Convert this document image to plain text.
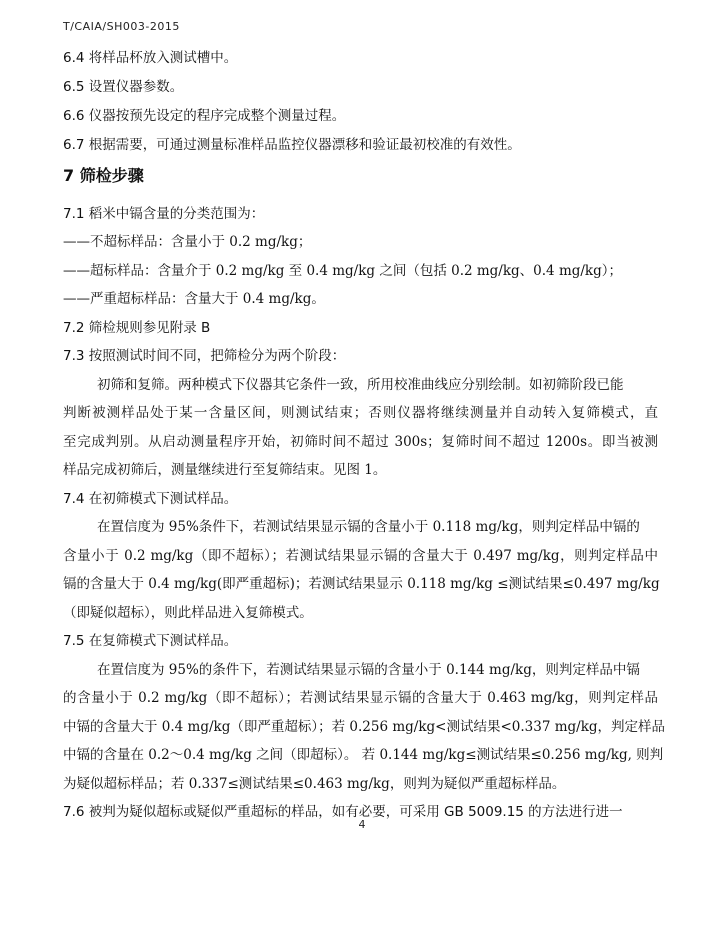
T/CAIA/SH003-2015
6.4 将样品杯放入测试槽中。
6.5 设置仪器参数。
6.6 仪器按预先设定的程序完成整个测量过程。
6.7 根据需要，可通过测量标准样品监控仪器漂移和验证最初校准的有效性。
7 筛检步骤
7.1 稻米中镉含量的分类范围为：
——不超标样品：含量小于 0.2 mg/kg；
——超标样品：含量介于 0.2 mg/kg 至 0.4 mg/kg 之间（包括 0.2 mg/kg、0.4 mg/kg）；
——严重超标样品：含量大于 0.4 mg/kg。
7.2 筛检规则参见附录 B
7.3 按照测试时间不同，把筛检分为两个阶段：
初筛和复筛。两种模式下仪器其它条件一致，所用校准曲线应分别绘制。如初筛阶段已能
判断被测样品处于某一含量区间，则测试结束；否则仪器将继续测量并自动转入复筛模式，直
至完成判别。从启动测量程序开始，初筛时间不超过 300s；复筛时间不超过 1200s。即当被测
样品完成初筛后，测量继续进行至复筛结束。见图 1。
7.4 在初筛模式下测试样品。
在置信度为 95%条件下，若测试结果显示镉的含量小于 0.118 mg/kg，则判定样品中镉的
含量小于 0.2 mg/kg（即不超标）；若测试结果显示镉的含量大于 0.497 mg/kg，则判定样品中
镉的含量大于 0.4 mg/kg(即严重超标)；若测试结果显示 0.118 mg/kg ≤测试结果≤0.497 mg/kg
（即疑似超标），则此样品进入复筛模式。
7.5 在复筛模式下测试样品。
在置信度为 95%的条件下，若测试结果显示镉的含量小于 0.144 mg/kg，则判定样品中镉
的含量小于 0.2 mg/kg（即不超标）；若测试结果显示镉的含量大于 0.463 mg/kg，则判定样品
中镉的含量大于 0.4 mg/kg（即严重超标）；若 0.256 mg/kg<测试结果<0.337 mg/kg，判定样品
中镉的含量在 0.2～0.4 mg/kg 之间（即超标）。 若 0.144 mg/kg≤测试结果≤0.256 mg/kg, 则判
为疑似超标样品；若 0.337≤测试结果≤0.463 mg/kg，则判为疑似严重超标样品。
7.6 被判为疑似超标或疑似严重超标的样品，如有必要，可采用 GB 5009.15 的方法进行进一
4
